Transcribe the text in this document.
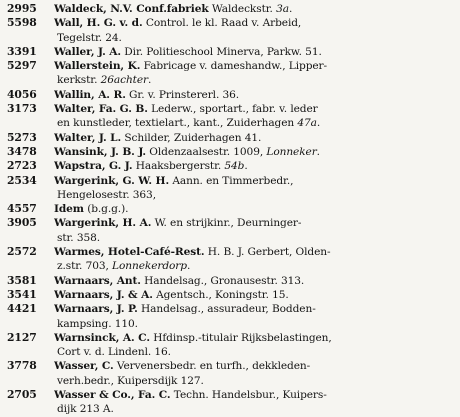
2995	Waldeck, N.V. Conf.fabriek Waldeckstr. 3a.
5598	Wall, H. G. v. d. Control. le kl. Raad v. Arbeid,
Tegelstr. 24.
3391	Waller, J. A. Dir. Politieschool Minerva, Parkw. 51.
5297	Wallerstein, K. Fabricage v. dameshandw., Lipper-
kerkstr. 26achter.
4056	Wallin, A. R. Gr. v. Prinstererl. 36.
3173	Walter, Fa. G. B. Lederw., sportart., fabr. v. leder
en kunstleder, textielart., kant., Zuiderhagen 47a.
5273	Walter, J. L. Schilder, Zuiderhagen 41.
3478	Wansink, J. B. J. Oldenzaalsestr. 1009, Lonneker.
2723	Wapstra, G. J. Haaksbergerstr. 54b.
2534	Wargerink, G. W. H. Aann. en Timmerbedr.,
Hengelosestr. 363,
4557	Idem (b.g.g.).
3905	Wargerink, H. A. W. en strijkinr., Deurninger-
str. 358.
2572	Warmes, Hotel-Café-Rest. H. B. J. Gerbert, Olden-
z.str. 703, Lonnekerdorp.
3581	Warnaars, Ant. Handelsag., Gronausestr. 313.
3541	Warnaars, J. & A. Agentsch., Koningstr. 15.
4421	Warnaars, J. P. Handelsag., assuradeur, Bodden-
kampsing. 110.
2127	Warnsinck, A. C. Hfdinsp.-titulair Rijksbelastingen,
Cort v. d. Lindenl. 16.
3778	Wasser, C. Vervenersbedr. en turfh., dekkleden-
verh.bedr., Kuipersdijk 127.
2705	Wasser & Co., Fa. C. Techn. Handelsbur., Kuipers-
dijk 213 A.
